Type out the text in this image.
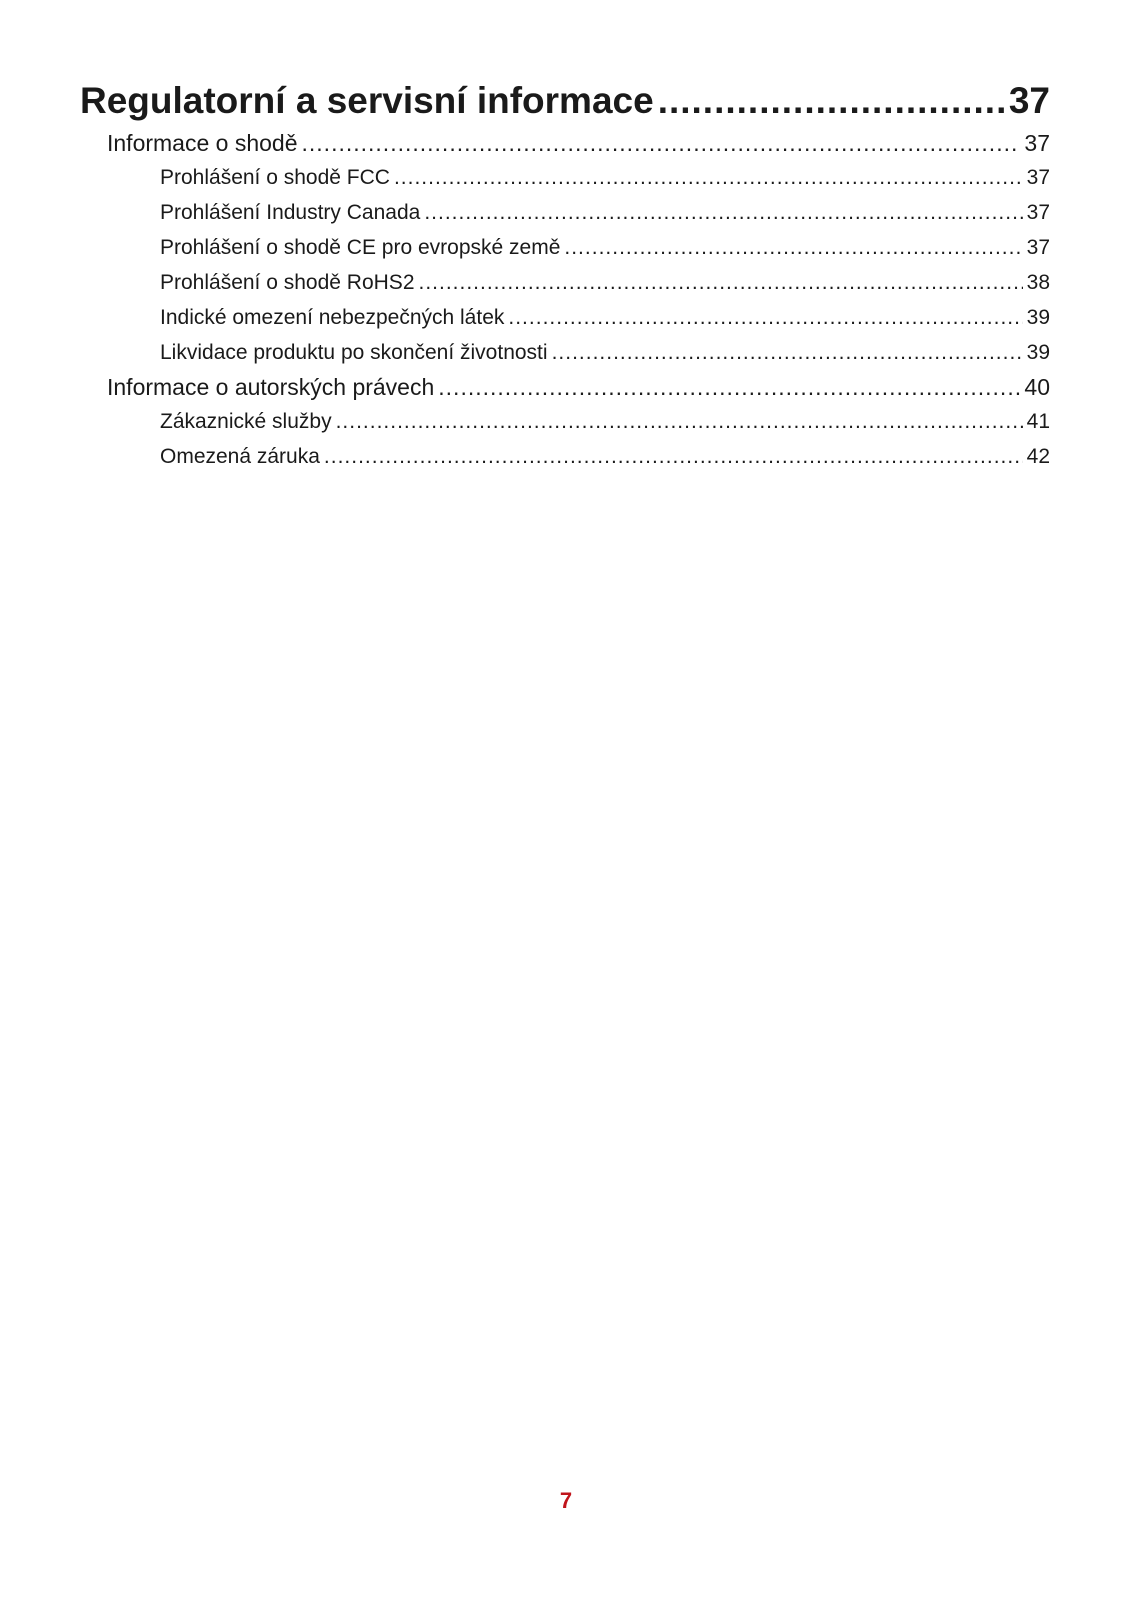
Regulatorní a servisní informace .....	37
Informace o shodě .....	37
Prohlášení o shodě FCC .....	37
Prohlášení Industry Canada .....	37
Prohlášení o shodě CE pro evropské země .....	37
Prohlášení o shodě RoHS2 .....	38
Indické omezení nebezpečných látek .....	39
Likvidace produktu po skončení životnosti .....	39
Informace o autorských právech .....	40
Zákaznické služby .....	41
Omezená záruka .....	42
7
